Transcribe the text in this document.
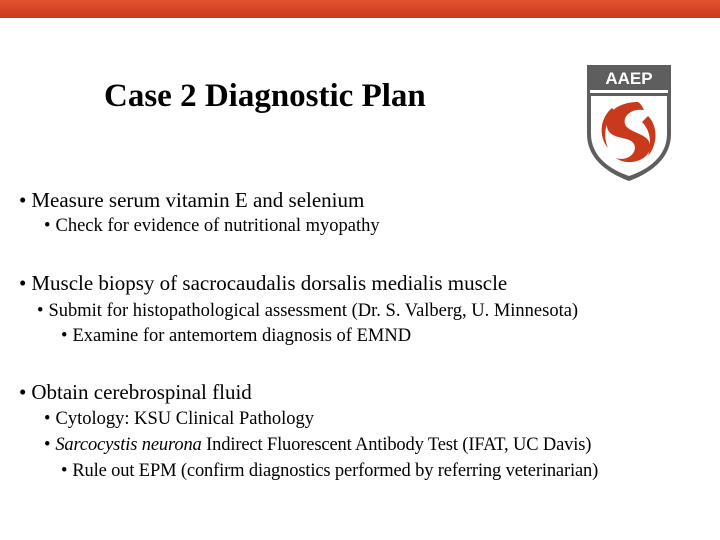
Case 2 Diagnostic Plan	AAEP
• Measure serum vitamin E and selenium
• Check for evidence of nutritional myopathy
• Muscle biopsy of sacrocaudalis dorsalis medialis muscle
• Submit for histopathological assessment (Dr. S. Valberg, U. Minnesota)
• Examine for antemortem diagnosis of EMND
• Obtain cerebrospinal fluid
• Cytology: KSU Clinical Pathology
• Sarcocystis neurona Indirect Fluorescent Antibody Test (IFAT, UC Davis)
• Rule out EPM (confirm diagnostics performed by referring veterinarian)
